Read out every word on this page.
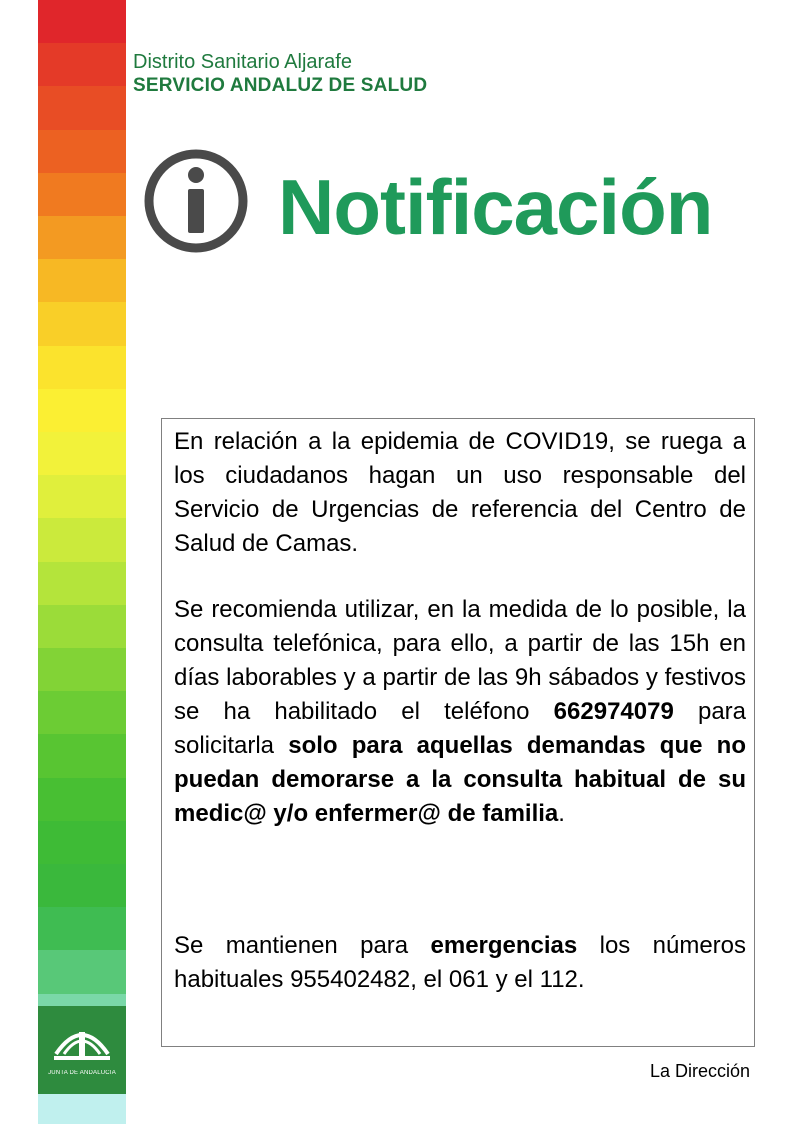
JUNTA DE ANDALUCIA
Distrito Sanitario Aljarafe
SERVICIO ANDALUZ DE SALUD
Notificación

En relación a la epidemia de COVID19, se ruega a los ciudadanos hagan un uso responsable del Servicio de Urgencias de referencia del Centro de Salud de Camas.

Se recomienda utilizar, en la medida de lo posible, la consulta telefónica, para ello, a partir de las 15h en días laborables y a partir de las 9h sábados y festivos se ha habilitado el teléfono 662974079 para solicitarla solo para aquellas demandas que no puedan demorarse a la consulta habitual de su medic@ y/o enfermer@ de familia.

Se mantienen para emergencias los números habituales 955402482, el 061 y el 112.

La Dirección
